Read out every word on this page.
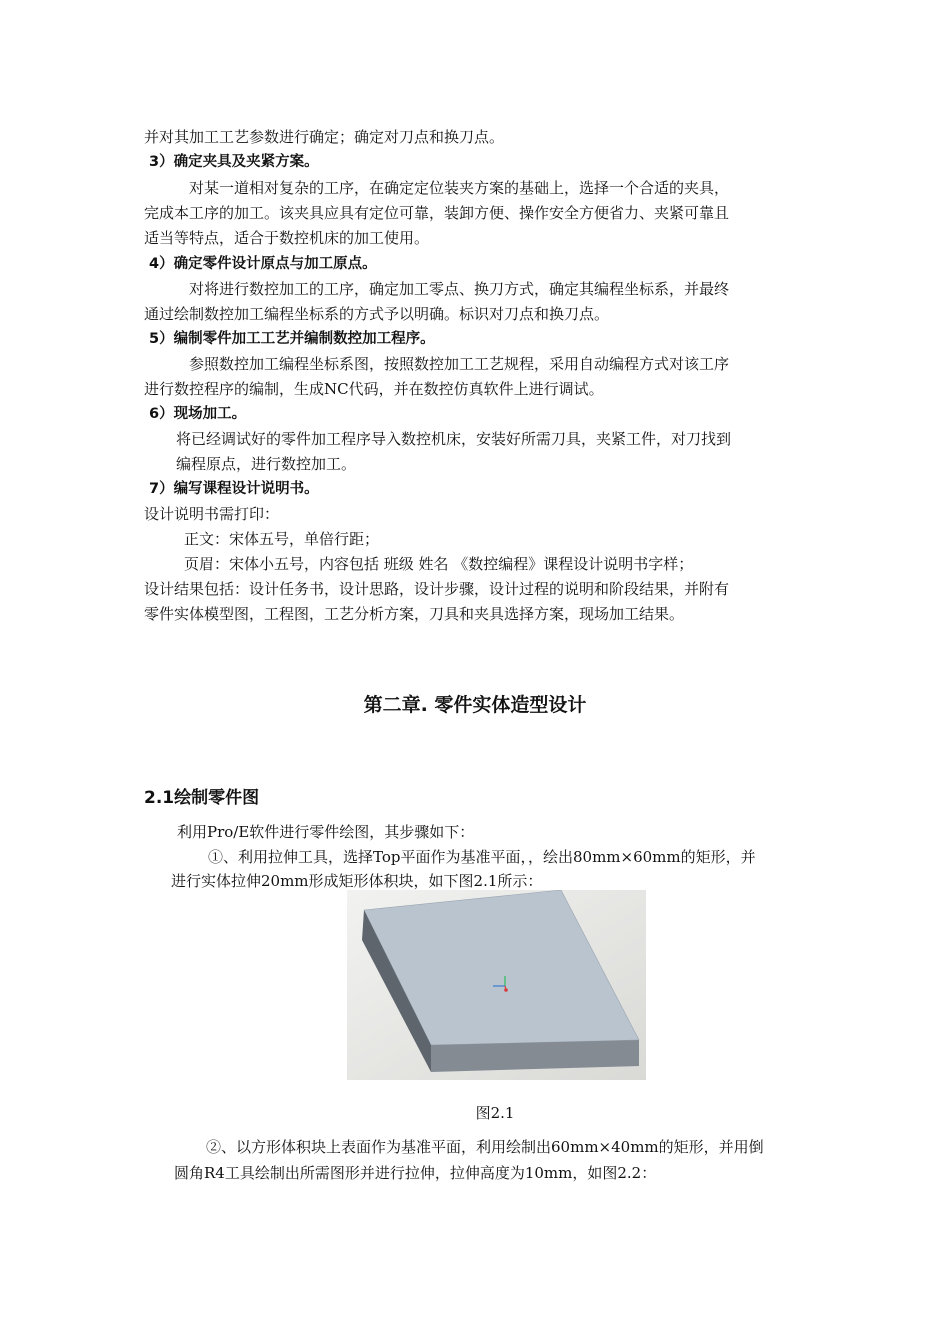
并对其加工工艺参数进行确定；确定对刀点和换刀点。
3）确定夹具及夹紧方案。
对某一道相对复杂的工序，在确定定位装夹方案的基础上，选择一个合适的夹具，
完成本工序的加工。该夹具应具有定位可靠，装卸方便、操作安全方便省力、夹紧可靠且
适当等特点，适合于数控机床的加工使用。
4）确定零件设计原点与加工原点。
对将进行数控加工的工序，确定加工零点、换刀方式，确定其编程坐标系，并最终
通过绘制数控加工编程坐标系的方式予以明确。标识对刀点和换刀点。
5）编制零件加工工艺并编制数控加工程序。
参照数控加工编程坐标系图，按照数控加工工艺规程，采用自动编程方式对该工序
进行数控程序的编制，生成NC代码，并在数控仿真软件上进行调试。
6）现场加工。
将已经调试好的零件加工程序导入数控机床，安装好所需刀具，夹紧工件，对刀找到
编程原点，进行数控加工。
7）编写课程设计说明书。
设计说明书需打印：
正文：宋体五号，单倍行距；
页眉：宋体小五号，内容包括 班级 姓名 《数控编程》课程设计说明书字样；
设计结果包括：设计任务书，设计思路，设计步骤，设计过程的说明和阶段结果，并附有
零件实体模型图，工程图，工艺分析方案，刀具和夹具选择方案，现场加工结果。
第二章. 零件实体造型设计
2.1绘制零件图
利用Pro/E软件进行零件绘图，其步骤如下：
①、利用拉伸工具，选择Top平面作为基准平面，，绘出80mm×60mm的矩形，并
进行实体拉伸20mm形成矩形体积块，如下图2.1所示：
图2.1
②、以方形体积块上表面作为基准平面，利用绘制出60mm×40mm的矩形，并用倒
圆角R4工具绘制出所需图形并进行拉伸，拉伸高度为10mm，如图2.2：
